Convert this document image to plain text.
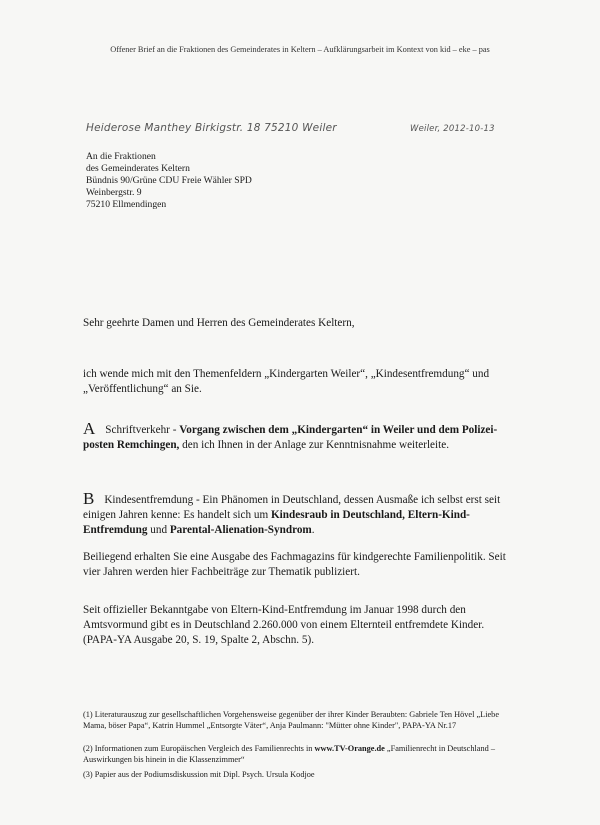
Offener Brief an die Fraktionen des Gemeinderates in Keltern – Aufklärungsarbeit im Kontext von kid – eke – pas
Heiderose Manthey Birkigstr. 18 75210 Weiler	Weiler, 2012-10-13
An die Fraktionen
des Gemeinderates Keltern
Bündnis 90/Grüne CDU Freie Wähler SPD
Weinbergstr. 9
75210 Ellmendingen
Sehr geehrte Damen und Herren des Gemeinderates Keltern,
ich wende mich mit den Themenfeldern „Kindergarten Weiler“, „Kindesentfremdung“ und „Veröffentlichung“ an Sie.
A Schriftverkehr - Vorgang zwischen dem „Kindergarten“ in Weiler und dem Polizei-posten Remchingen, den ich Ihnen in der Anlage zur Kenntnisnahme weiterleite.
B Kindesentfremdung - Ein Phänomen in Deutschland, dessen Ausmaße ich selbst erst seit einigen Jahren kenne: Es handelt sich um Kindesraub in Deutschland, Eltern-Kind-Entfremdung und Parental-Alienation-Syndrom.
Beiliegend erhalten Sie eine Ausgabe des Fachmagazins für kindgerechte Familienpolitik. Seit vier Jahren werden hier Fachbeiträge zur Thematik publiziert.
Seit offizieller Bekanntgabe von Eltern-Kind-Entfremdung im Januar 1998 durch den Amtsvormund gibt es in Deutschland 2.260.000 von einem Elternteil entfremdete Kinder. (PAPA-YA Ausgabe 20, S. 19, Spalte 2, Abschn. 5).
(1) Literaturauszug zur gesellschaftlichen Vorgehensweise gegenüber der ihrer Kinder Beraubten: Gabriele Ten Hövel „Liebe Mama, böser Papa“, Katrin Hummel „Entsorgte Väter“, Anja Paulmann: "Mütter ohne Kinder", PAPA-YA Nr.17
(2) Informationen zum Europäischen Vergleich des Familienrechts in www.TV-Orange.de „Familienrecht in Deutschland – Auswirkungen bis hinein in die Klassenzimmer“
(3) Papier aus der Podiumsdiskussion mit Dipl. Psych. Ursula Kodjoe
